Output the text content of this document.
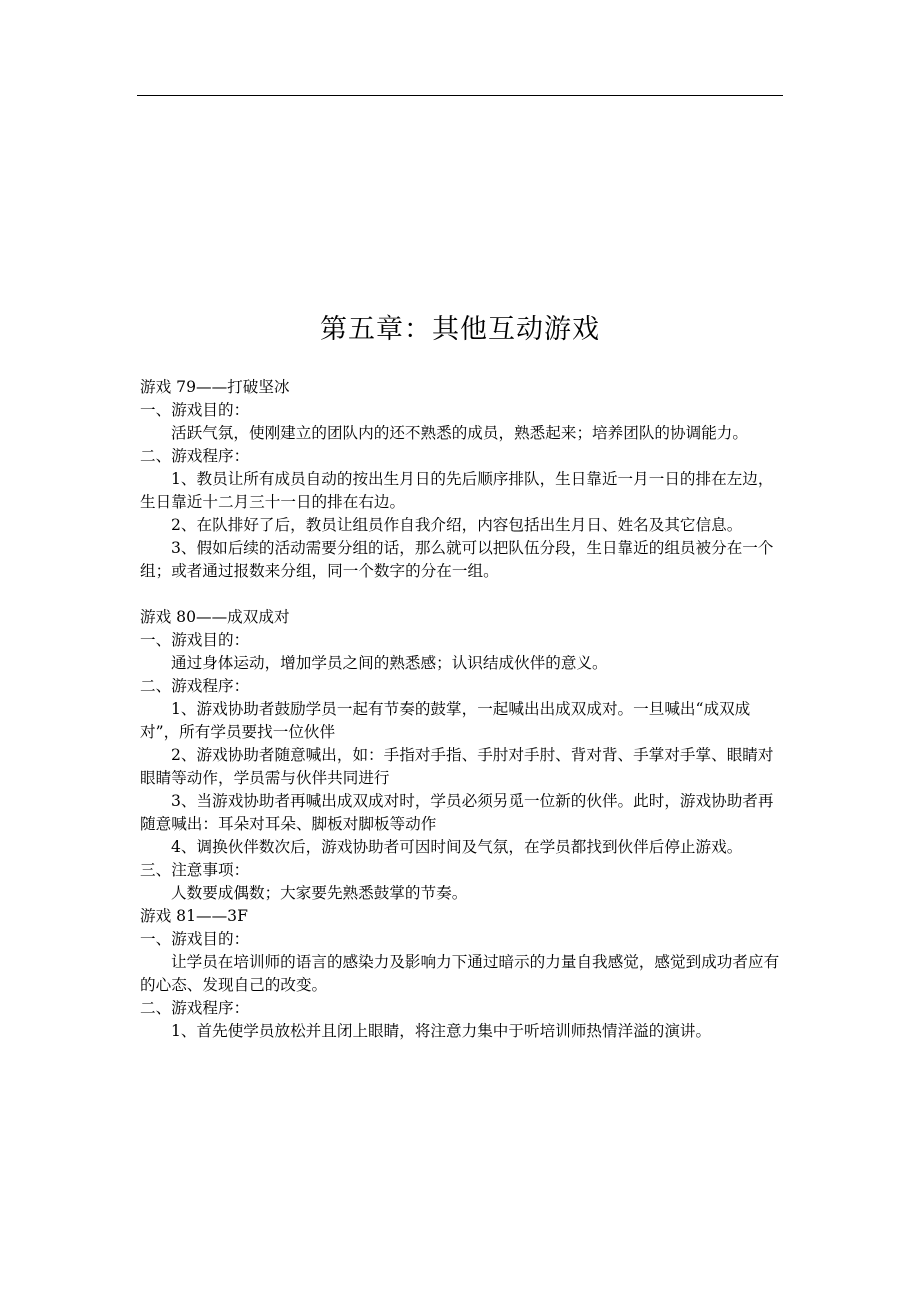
第五章：其他互动游戏

游戏 79——打破坚冰

一、游戏目的：

活跃气氛，使刚建立的团队内的还不熟悉的成员，熟悉起来；培养团队的协调能力。

二、游戏程序：

1、教员让所有成员自动的按出生月日的先后顺序排队，生日靠近一月一日的排在左边，生日靠近十二月三十一日的排在右边。

2、在队排好了后，教员让组员作自我介绍，内容包括出生月日、姓名及其它信息。

3、假如后续的活动需要分组的话，那么就可以把队伍分段，生日靠近的组员被分在一个组；或者通过报数来分组，同一个数字的分在一组。

游戏 80——成双成对

一、游戏目的：

通过身体运动，增加学员之间的熟悉感；认识结成伙伴的意义。

二、游戏程序：

1、游戏协助者鼓励学员一起有节奏的鼓掌，一起喊出出成双成对。一旦喊出“成双成对”，所有学员要找一位伙伴

2、游戏协助者随意喊出，如：手指对手指、手肘对手肘、背对背、手掌对手掌、眼睛对眼睛等动作，学员需与伙伴共同进行

3、当游戏协助者再喊出成双成对时，学员必须另觅一位新的伙伴。此时，游戏协助者再随意喊出：耳朵对耳朵、脚板对脚板等动作

4、调换伙伴数次后，游戏协助者可因时间及气氛，在学员都找到伙伴后停止游戏。

三、注意事项：

人数要成偶数；大家要先熟悉鼓掌的节奏。

游戏 81——3F

一、游戏目的：

让学员在培训师的语言的感染力及影响力下通过暗示的力量自我感觉，感觉到成功者应有的心态、发现自己的改变。

二、游戏程序：

1、首先使学员放松并且闭上眼睛，将注意力集中于听培训师热情洋溢的演讲。
